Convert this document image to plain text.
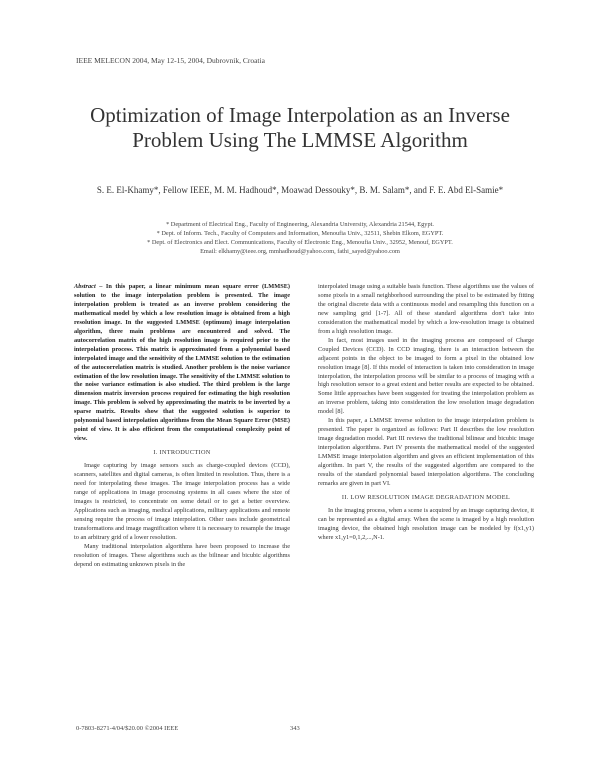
IEEE MELECON 2004, May 12-15, 2004, Dubrovnik, Croatia
Optimization of Image Interpolation as an Inverse
Problem Using The LMMSE Algorithm
S. E. El-Khamy*, Fellow IEEE, M. M. Hadhoud*, Moawad Dessouky*, B. M. Salam*, and F. E. Abd El-Samie*
* Department of Electrical Eng., Faculty of Engineering, Alexandria University, Alexandria 21544, Egypt.
* Dept. of Inform. Tech., Faculty of Computers and Information, Menoufia Univ., 32511, Shebin Elkom, EGYPT.
* Dept. of Electronics and Elect. Communications, Faculty of Electronic Eng., Menoufia Univ., 32952, Menouf, EGYPT.
Email: elkhamy@ieee.org, mmhadhoud@yahoo.com, fathi_sayed@yahoo.com

Abstract – In this paper, a linear minimum mean square error (LMMSE) solution to the image interpolation problem is presented. The image interpolation problem is treated as an inverse problem considering the mathematical model by which a low resolution image is obtained from a high resolution image. In the suggested LMMSE (optimum) image interpolation algorithm, three main problems are encountered and solved. The autocorrelation matrix of the high resolution image is required prior to the interpolation process. This matrix is approximated from a polynomial based interpolated image and the sensitivity of the LMMSE solution to the estimation of the autocorrelation matrix is studied. Another problem is the noise variance estimation of the low resolution image. The sensitivity of the LMMSE solution to the noise variance estimation is also studied. The third problem is the large dimension matrix inversion process required for estimating the high resolution image. This problem is solved by approximating the matrix to be inverted by a sparse matrix. Results show that the suggested solution is superior to polynomial based interpolation algorithms from the Mean Square Error (MSE) point of view. It is also efficient from the computational complexity point of view.

I. INTRODUCTION

Image capturing by image sensors such as charge-coupled devices (CCD), scanners, satellites and digital cameras, is often limited in resolution. Thus, there is a need for interpolating these images. The image interpolation process has a wide range of applications in image processing systems in all cases where the size of images is restricted, to concentrate on some detail or to get a better overview. Applications such as imaging, medical applications, military applications and remote sensing require the process of image interpolation. Other uses include geometrical transformations and image magnification where it is necessary to resample the image to an arbitrary grid of a lower resolution.

Many traditional interpolation algorithms have been proposed to increase the resolution of images. These algorithms such as the bilinear and bicubic algorithms depend on estimating unknown pixels in the

interpolated image using a suitable basis function. These algorithms use the values of some pixels in a small neighborhood surrounding the pixel to be estimated by fitting the original discrete data with a continuous model and resampling this function on a new sampling grid [1-7]. All of these standard algorithms don't take into consideration the mathematical model by which a low-resolution image is obtained from a high resolution image.

In fact, most images used in the imaging process are composed of Charge Coupled Devices (CCD). In CCD imaging, there is an interaction between the adjacent points in the object to be imaged to form a pixel in the obtained low resolution image [8]. If this model of interaction is taken into consideration in image interpolation, the interpolation process will be similar to a process of imaging with a high resolution sensor to a great extent and better results are expected to be obtained. Some little approaches have been suggested for treating the interpolation problem as an inverse problem, taking into consideration the low resolution image degradation model [8].

In this paper, a LMMSE inverse solution to the image interpolation problem is presented. The paper is organized as follows: Part II describes the low resolution image degradation model. Part III reviews the traditional bilinear and bicubic image interpolation algorithms. Part IV presents the mathematical model of the suggested LMMSE image interpolation algorithm and gives an efficient implementation of this algorithm. In part V, the results of the suggested algorithm are compared to the results of the standard polynomial based interpolation algorithms. The concluding remarks are given in part VI.

II. LOW RESOLUTION IMAGE DEGRADATION MODEL

In the imaging process, when a scene is acquired by an image capturing device, it can be represented as a digital array. When the scene is imaged by a high resolution imaging device, the obtained high resolution image can be modeled by f(x1,y1) where x1,y1=0,1,2,...,N-1.

0-7803-8271-4/04/$20.00 ©2004 IEEE	343
